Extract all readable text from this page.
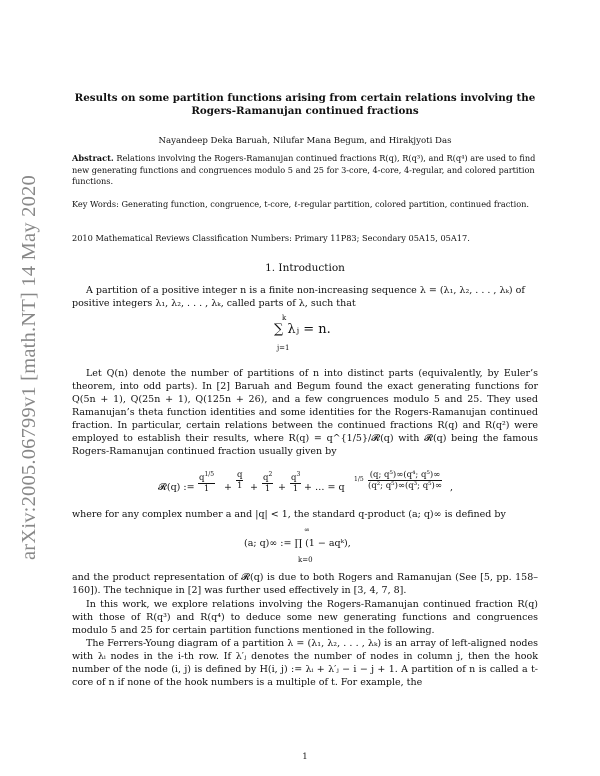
arXiv:2005.06799v1 [math.NT] 14 May 2020
Results on some partition functions arising from certain relations involving the
Rogers-Ramanujan continued fractions
Nayandeep Deka Baruah, Nilufar Mana Begum, and Hirakjyoti Das

Abstract. Relations involving the Rogers-Ramanujan continued fractions R(q), R(q³), and R(q⁴) are used to find new generating functions and congruences modulo 5 and 25 for 3-core, 4-core, 4-regular, and colored partition functions.

Key Words: Generating function, congruence, t-core, ℓ-regular partition, colored partition, continued fraction.
2010 Mathematical Reviews Classification Numbers: Primary 11P83; Secondary 05A15, 05A17.
1. Introduction

A partition of a positive integer n is a finite non-increasing sequence λ = (λ₁, λ₂, . . . , λₖ) of positive integers λ₁, λ₂, . . . , λₖ, called parts of λ, such that

k
∑ λⱼ = n.
j=1

Let Q(n) denote the number of partitions of n into distinct parts (equivalently, by Euler’s theorem, into odd parts). In [2] Baruah and Begum found the exact generating functions for Q(5n + 1), Q(25n + 1), Q(125n + 26), and a few congruences modulo 5 and 25. They used Ramanujan’s theta function identities and some identities for the Rogers-Ramanujan continued fraction. In particular, certain relations between the continued fractions R(q) and R(q²) were employed to establish their results, where R(q) = q^{1/5}/𝓡(q) with 𝓡(q) being the famous Rogers-Ramanujan continued fraction usually given by

𝓡(q) := $\frac{q^{1/5}}{1} + \frac{q}{1} + \frac{q^2}{1} + \frac{q^3}{1}$ + … = q
$1/5 \frac{\text{(q; q⁵)∞(q⁴; q⁵)∞}}{\text{(q²; q⁵)∞(q³; q⁵)∞}}$ ,

where for any complex number a and |q| < 1, the standard q-product (a; q)∞ is defined by

∞
(a; q)∞ := ∏ (1 − aqᵏ),
k=0

and the product representation of 𝓡(q) is due to both Rogers and Ramanujan (See [5, pp. 158–160]). The technique in [2] was further used effectively in [3, 4, 7, 8].

In this work, we explore relations involving the Rogers-Ramanujan continued fraction R(q) with those of R(q³) and R(q⁴) to deduce some new generating functions and congruences modulo 5 and 25 for certain partition functions mentioned in the following.

The Ferrers-Young diagram of a partition λ = (λ₁, λ₂, . . . , λₖ) is an array of left-aligned nodes with λᵢ nodes in the i-th row. If λ′ⱼ denotes the number of nodes in column j, then the hook number of the node (i, j) is defined by H(i, j) := λᵢ + λ′ⱼ − i − j + 1. A partition of n is called a t-core of n if none of the hook numbers is a multiple of t. For example, the

1
